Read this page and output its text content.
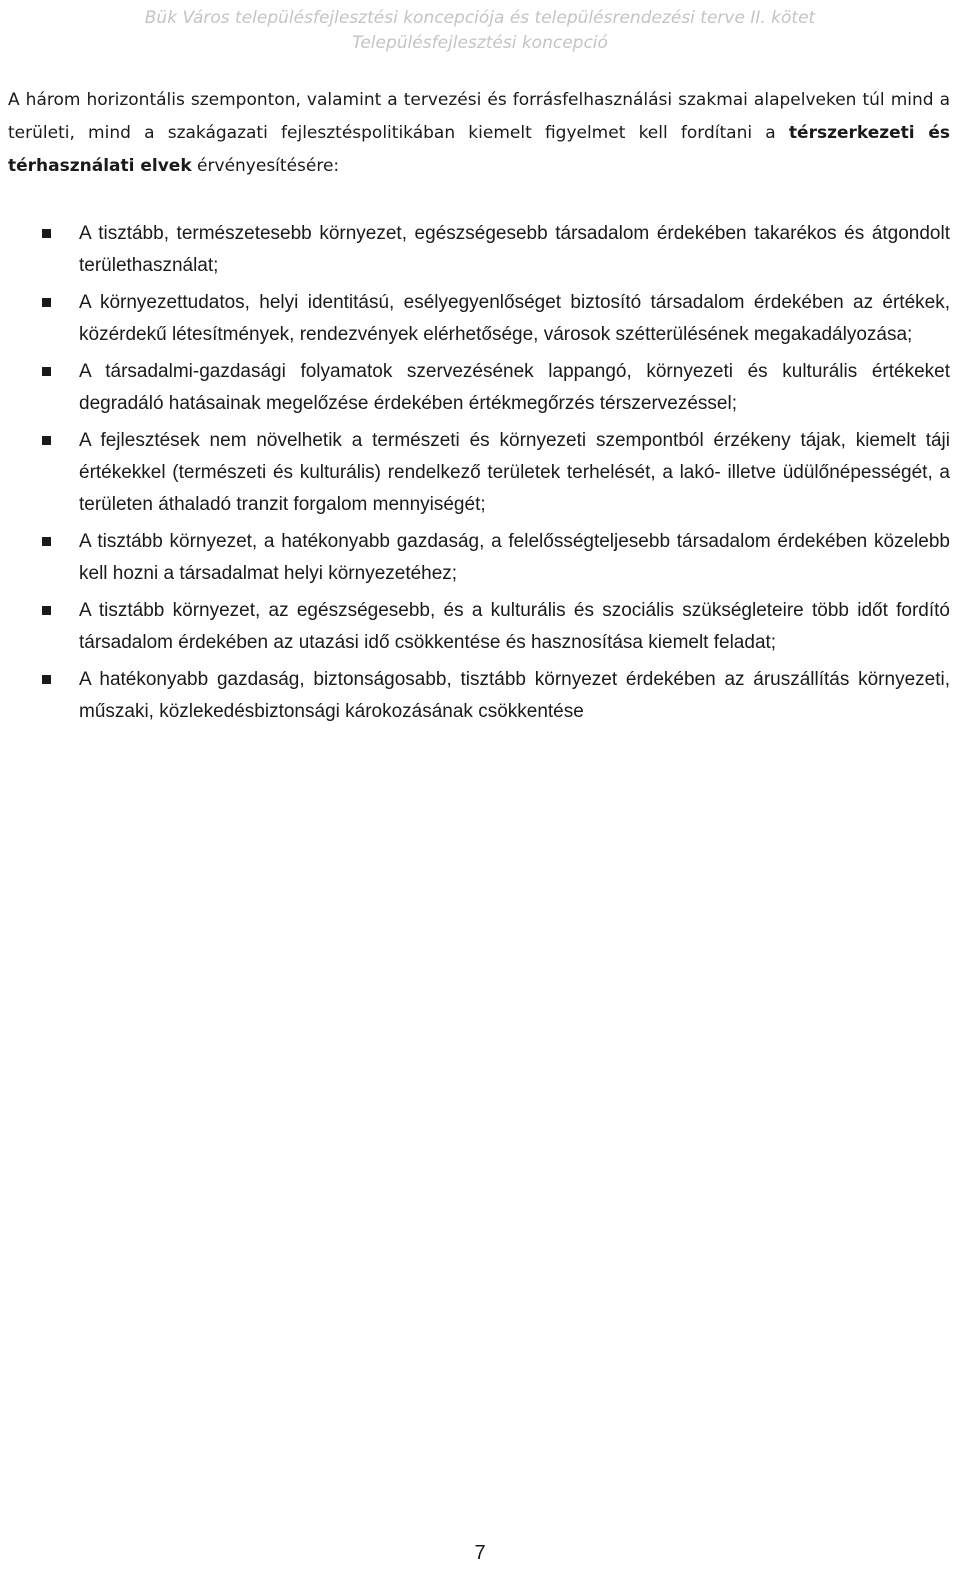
Bük Város településfejlesztési koncepciója és településrendezési terve II. kötet
Településfejlesztési koncepció

A három horizontális szemponton, valamint a tervezési és forrásfelhasználási szakmai alapelveken túl mind a területi, mind a szakágazati fejlesztéspolitikában kiemelt figyelmet kell fordítani a térszerkezeti és térhasználati elvek érvényesítésére:

A tisztább, természetesebb környezet, egészségesebb társadalom érdekében takarékos és átgondolt területhasználat;
A környezettudatos, helyi identitású, esélyegyenlőséget biztosító társadalom érdekében az értékek, közérdekű létesítmények, rendezvények elérhetősége, városok szétterülésének megakadályozása;
A társadalmi-gazdasági folyamatok szervezésének lappangó, környezeti és kulturális értékeket degradáló hatásainak megelőzése érdekében értékmegőrzés térszervezéssel;
A fejlesztések nem növelhetik a természeti és környezeti szempontból érzékeny tájak, kiemelt táji értékekkel (természeti és kulturális) rendelkező területek terhelését, a lakó- illetve üdülőnépességét, a területen áthaladó tranzit forgalom mennyiségét;
A tisztább környezet, a hatékonyabb gazdaság, a felelősségteljesebb társadalom érdekében közelebb kell hozni a társadalmat helyi környezetéhez;
A tisztább környezet, az egészségesebb, és a kulturális és szociális szükségleteire több időt fordító társadalom érdekében az utazási idő csökkentése és hasznosítása kiemelt feladat;
A hatékonyabb gazdaság, biztonságosabb, tisztább környezet érdekében az áruszállítás környezeti, műszaki, közlekedésbiztonsági károkozásának csökkentése
7
